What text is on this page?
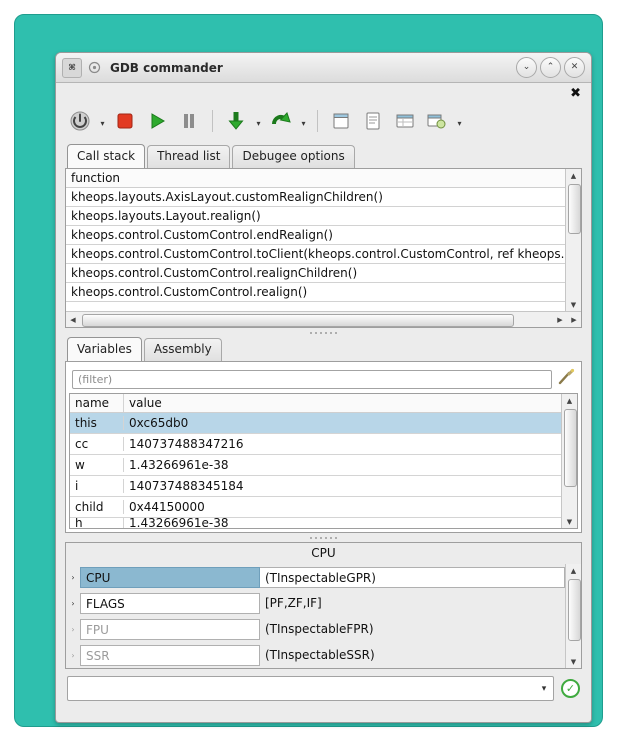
⌘	GDB commander	⌄	⌃	✕
✖
▾	▾	▾	▾
Call stack	Thread list	Debugee options
function
kheops.layouts.AxisLayout.customRealignChildren()
kheops.layouts.Layout.realign()
kheops.control.CustomControl.endRealign()
kheops.control.CustomControl.toClient(kheops.control.CustomControl, ref kheops.
kheops.control.CustomControl.realignChildren()
kheops.control.CustomControl.realign()
▲
▼
◀	▶	▶
Variables	Assembly
(filter)
name	value
this	0xc65db0
cc	140737488347216
w	1.43266961e-38
i	140737488345184
child	0x44150000
h	1.43266961e-38
▲
▼
CPU
› CPU	(TInspectableGPR)
› FLAGS	[PF,ZF,IF]
› FPU	(TInspectableFPR)
› SSR	(TInspectableSSR)
▲
▼
▾	✓
